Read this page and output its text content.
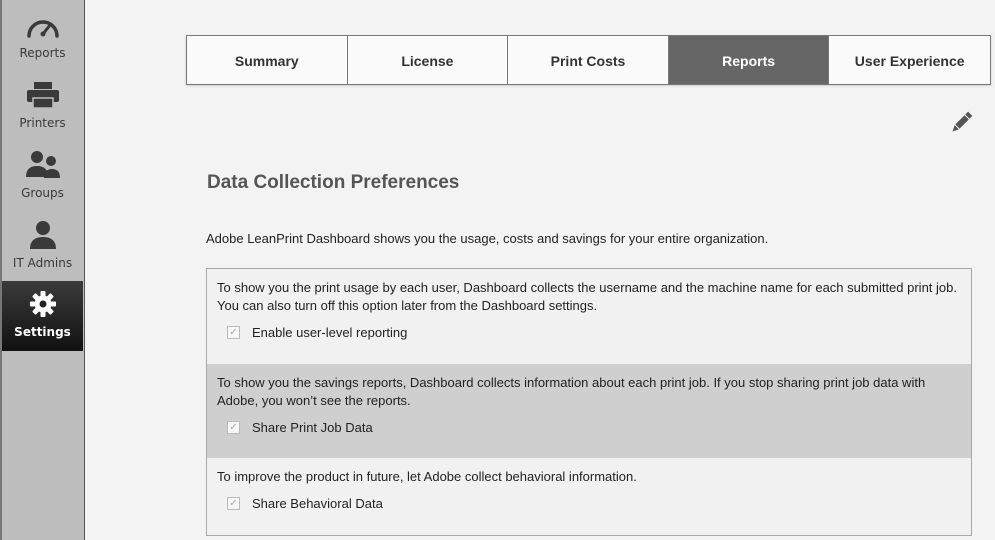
Reports
Printers
Groups
IT Admins
Settings
Summary	License	Print Costs	Reports	User Experience
Data Collection Preferences

Adobe LeanPrint Dashboard shows you the usage, costs and savings for your entire organization.

To show you the print usage by each user, Dashboard collects the username and the machine name for each submitted print job. You can also turn off this option later from the Dashboard settings.

✓ Enable user-level reporting

To show you the savings reports, Dashboard collects information about each print job. If you stop sharing print job data with Adobe, you won’t see the reports.

✓ Share Print Job Data

To improve the product in future, let Adobe collect behavioral information.

✓ Share Behavioral Data
